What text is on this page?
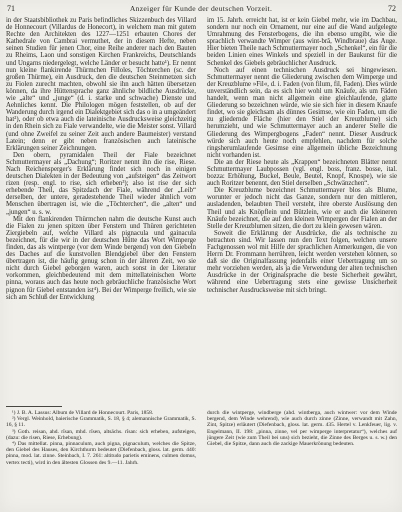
71	Anzeiger für Kunde der deutschen Vorzeit.	72

in der Staatsbibliothek zu Paris befindliches Skizzenbuch des Villard de Honnecourt (Villardus de Honecort), in welchem man mit gutem Rechte den Architekten des 1227—1251 erbauten Chores der Kathedrale von Cambrai vermuthet, der in diesem Hefte, neben seinen Studien für jenen Chor, eine Reihe anderer nach den Bauten zu Rheims, Laon und sonstigen Kirchen Frankreichs, Deutschlands und Ungarns niedergelegt, welche Länder er besucht hatte¹). Er nennt nun kleine flankirende Thürmchen Filloles, Töchterchen (sc. der großen Thürme), ein Ausdruck, den die deutschen Steinmetzen sich zu Fiolen zurecht machten, obwohl sie ihn auch hätten übersetzen können, da ihre Hüttensprache ganz ähnliche bildliche Ausdrücke, wie „alte“ und „junge“ (d. i. starke und schwache) Dienste und Aehnliches kennt. Die Philologen mögen feststellen, ob auf der Wanderung durch irgend ein Dialektgebiet sich das o in a umgeändert hat²), oder ob etwa auch die lateinische Ausdrucksweise gleichzeitig in den Rhein sich zu Fiale verwandelte, wie die Meister sonst. Villard (und ohne Zweifel zu seiner Zeit auch andere Baumeister) verstand Latein; denn er gibt neben französischen auch lateinische Erklärungen seiner Zeichnungen.

Den obern, pyramidalen Theil der Fiale bezeichnet Schmuttermayer als „Dachung“; Roritzer nennt ihn die rise, Riese. Nach Reichensperger's Erklärung findet sich noch in einigen deutschen Dialekten in der Bedeutung von „aufsteigen“ das Zeitwort rizen (resp. engl. to rise, sich erheben³); also ist rise der sich erhebende Theil, das Spitzdach der Fiale, während der „Leib“ derselben, der untere, geradestehende Theil wieder ähnlich vom Menschen übertragen ist, wie die „Töchterchen“, die „alten“ und „jungen“ u. s. w.

Mit den flankirenden Thürmchen nahm die deutsche Kunst auch die Fialen zu jenen spitzen über Fenstern und Thüren gerichteten Ziergiebeln auf, welche Villard als pignacula und gainacula bezeichnet, für die wir in der deutschen Hütte das Wort Wimperge finden, das als wintperge (vor dem Winde bergend) von den Giebeln des Daches auf die kunstvollen Blendgiebel über den Fenstern übertragen ist, die häufig genug schon in der älteren Zeit, wo sie nicht durch Giebel geborgen waren, auch sonst in der Literatur vorkommen, gleichbedeutend mit dem mittellateinischen Worte pinna, woraus auch das heute noch gebräuchliche französische Wort pignon für Giebel entstanden ist⁴). Bei der Wimperge freilich, wie sie sich am Schluß der Entwicklung

im 15. Jahrh. erreicht hat, ist er kein Giebel mehr, wie im Dachbau, sondern nur noch ein Ornament, nur eine auf die Wand aufgelegte Umrahmung des Fensterbogens, die ihn ebenso umgibt, wie die sprachlich verwandte Wimper (aus wint-brâ, Windbraue) das Auge. Hier bieten Theile nach Schmuttermayer noch „Schenkel“, ein für die beiden Linien eines Winkels und speziell in der Baukunst für die Schenkel des Giebels gebräuchlicher Ausdruck.

Noch auf einen technischen Ausdruck sei hingewiesen. Schmuttermayer nennt die Gliederung zwischen dem Wimperge und der Kreuzblume »Fil«, d. i. Faden (von filum, fil, Faden). Dies würde unverständlich sein, da es sich hier wohl um Knäufe, als um Fäden handelt, wenn man nicht allgemein eine gleichlaufende, glatte Gliederung so bezeichnen würde, wie sie sich hier in diesem Knaufe findet, wo sie gleichsam als dünnes Gesimse, wie ein Faden, um die zu gliedernde Fläche (hier den Stiel der Kreuzblume) sich herumzieht, und wie Schmuttermayer auch an anderer Stelle die Gliederung des Wimpergbogens „Faden“ nennt. Dieser Ausdruck würde sich auch heute noch empfehlen, nachdem für solche ringsherumlaufende Gesimse eine allgemein übliche Bezeichnung nicht vorhanden ist.

Die an der Riese heute als „Krappen“ bezeichneten Blätter nennt Schmuttermayer Laubpossen (vgl. engl. boss, franz. bosse, ital. bozza: Erhöhung, Buckel, Beule, Beutel, Knopf, Knospe), wie sie auch Roritzer benennt, den Stiel derselben „Schwänzchen“.

Die Kreuzblume bezeichnet Schmuttermayer blos als Blume, worunter er jedoch nicht das Ganze, sondern nur den mittleren, ausladenden, belaubten Theil versteht, ihre oberste Auslösung den Theil und als Knöpflein und Bützlein, wie er auch die kleineren Knäufe bezeichnet, die auf den kleinen Wimpergen der Fialen an der Stelle der Kreuzblumen sitzen, die dort zu klein gewesen wären.

Soweit die Erklärung der Ausdrücke, die als technische zu betrachten sind. Wir lassen nun den Text folgen, welchen unsere Fachgenossen wol mit Hilfe der sprachlichen Anmerkungen, die von Herrn Dr. Frommann herrühren, leicht werden verstehen können, so daß sie die Originalfassung jedenfalls einer Uebertragung um so mehr vorziehen werden, als ja die Verwendung der alten technischen Ausdrücke in der Originalsprache die beste Sicherheit gewährt, während eine Uebertragung stets eine gewisse Unsicherheit technischer Ausdrucksweise mit sich bringt.

¹) J. B. A. Lassus: Album de Villard de Honnecourt. Paris, 1858.

²) Vergl. Weinhold, baierische Grammatik, S. 18, § 4; alemannische Grammatik, S. 16, § 11.

³) Goth. reisan, ahd. rîsan, mhd. rîsen, altsächs. rîsan: sich erheben, aufsteigen, (dazu: die risen, Riese, Erhebung).

⁴) Das mittellat. pinna, pinnaculum, auch pigna, pignaculum, welches die Spitze, den Giebel des Hauses, den Kirchthurm bedeutet (Diefenbach, gloss. lat. germ. 440: pinna, mod. lat. zinne. Steinbach, I. 7. 261: altitudo parietis eminens, culmen domus, vertex tecti), wird in den ältesten Glossen des 9.—11. Jahrh.

durch die wintperge, windberge (ahd. wintberga, auch wintwer: vor dem Winde bergend, dem Winde wehrend), wie auch durch zinne (Zinne, verwandt mit Zahn, Zint, Spitze) erläutert (Diefenbach, gloss. lat. germ. 435. Hertel v. Lenkfeuer, lig. v. Engelmann, II. 198: „pinna, zinne, vel per wimperge interpretatur“), welches auf jüngere Zeit (wie zum Theil bei uns) sich bezieht, die Zinne des Berges u. s. w.) den Giebel, die Spitze, dann auch die zackige Mauerkrönung bedeuten.
